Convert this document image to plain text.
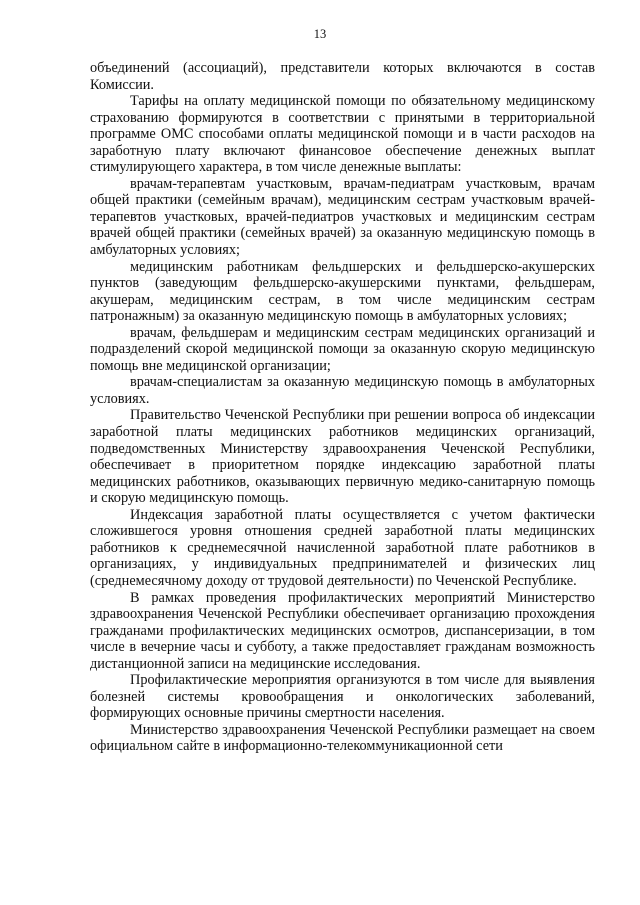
13

объединений (ассоциаций), представители которых включаются в состав Комиссии.

Тарифы на оплату медицинской помощи по обязательному медицинскому страхованию формируются в соответствии с принятыми в территориальной программе ОМС способами оплаты медицинской помощи и в части расходов на заработную плату включают финансовое обеспечение денежных выплат стимулирующего характера, в том числе денежные выплаты:

врачам-терапевтам участковым, врачам-педиатрам участковым, врачам общей практики (семейным врачам), медицинским сестрам участковым врачей-терапевтов участковых, врачей-педиатров участковых и медицинским сестрам врачей общей практики (семейных врачей) за оказанную медицинскую помощь в амбулаторных условиях;

медицинским работникам фельдшерских и фельдшерско-акушерских пунктов (заведующим фельдшерско-акушерскими пунктами, фельдшерам, акушерам, медицинским сестрам, в том числе медицинским сестрам патронажным) за оказанную медицинскую помощь в амбулаторных условиях;

врачам, фельдшерам и медицинским сестрам медицинских организаций и подразделений скорой медицинской помощи за оказанную скорую медицинскую помощь вне медицинской организации;

врачам-специалистам за оказанную медицинскую помощь в амбулаторных условиях.

Правительство Чеченской Республики при решении вопроса об индексации заработной платы медицинских работников медицинских организаций, подведомственных Министерству здравоохранения Чеченской Республики, обеспечивает в приоритетном порядке индексацию заработной платы медицинских работников, оказывающих первичную медико-санитарную помощь и скорую медицинскую помощь.

Индексация заработной платы осуществляется с учетом фактически сложившегося уровня отношения средней заработной платы медицинских работников к среднемесячной начисленной заработной плате работников в организациях, у индивидуальных предпринимателей и физических лиц (среднемесячному доходу от трудовой деятельности) по Чеченской Республике.

В рамках проведения профилактических мероприятий Министерство здравоохранения Чеченской Республики обеспечивает организацию прохождения гражданами профилактических медицинских осмотров, диспансеризации, в том числе в вечерние часы и субботу, а также предоставляет гражданам возможность дистанционной записи на медицинские исследования.

Профилактические мероприятия организуются в том числе для выявления болезней системы кровообращения и онкологических заболеваний, формирующих основные причины смертности населения.

Министерство здравоохранения Чеченской Республики размещает на своем официальном сайте в информационно-телекоммуникационной сети
